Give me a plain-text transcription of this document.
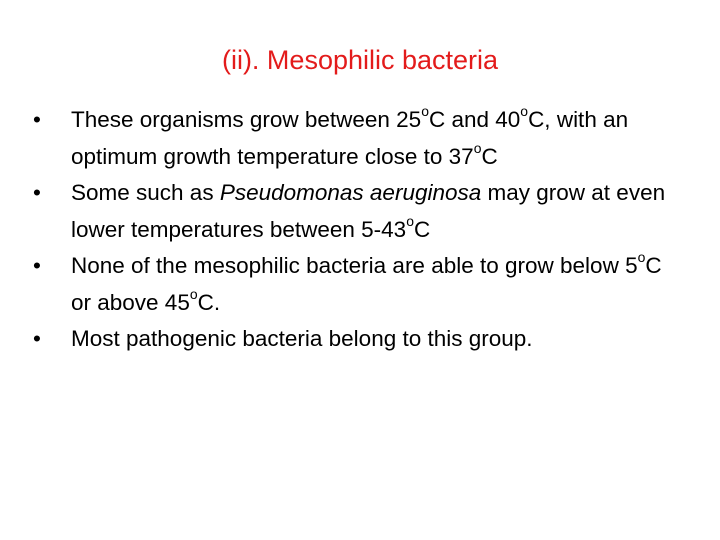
(ii). Mesophilic bacteria
• These organisms grow between 25$^o$C and 40$^o$C, with an optimum growth temperature close to 37$^o$C
• Some such as Pseudomonas aeruginosa may grow at even lower temperatures between 5-43$^o$C
• None of the mesophilic bacteria are able to grow below 5$^o$C or above 45$^o$C.
• Most pathogenic bacteria belong to this group.
